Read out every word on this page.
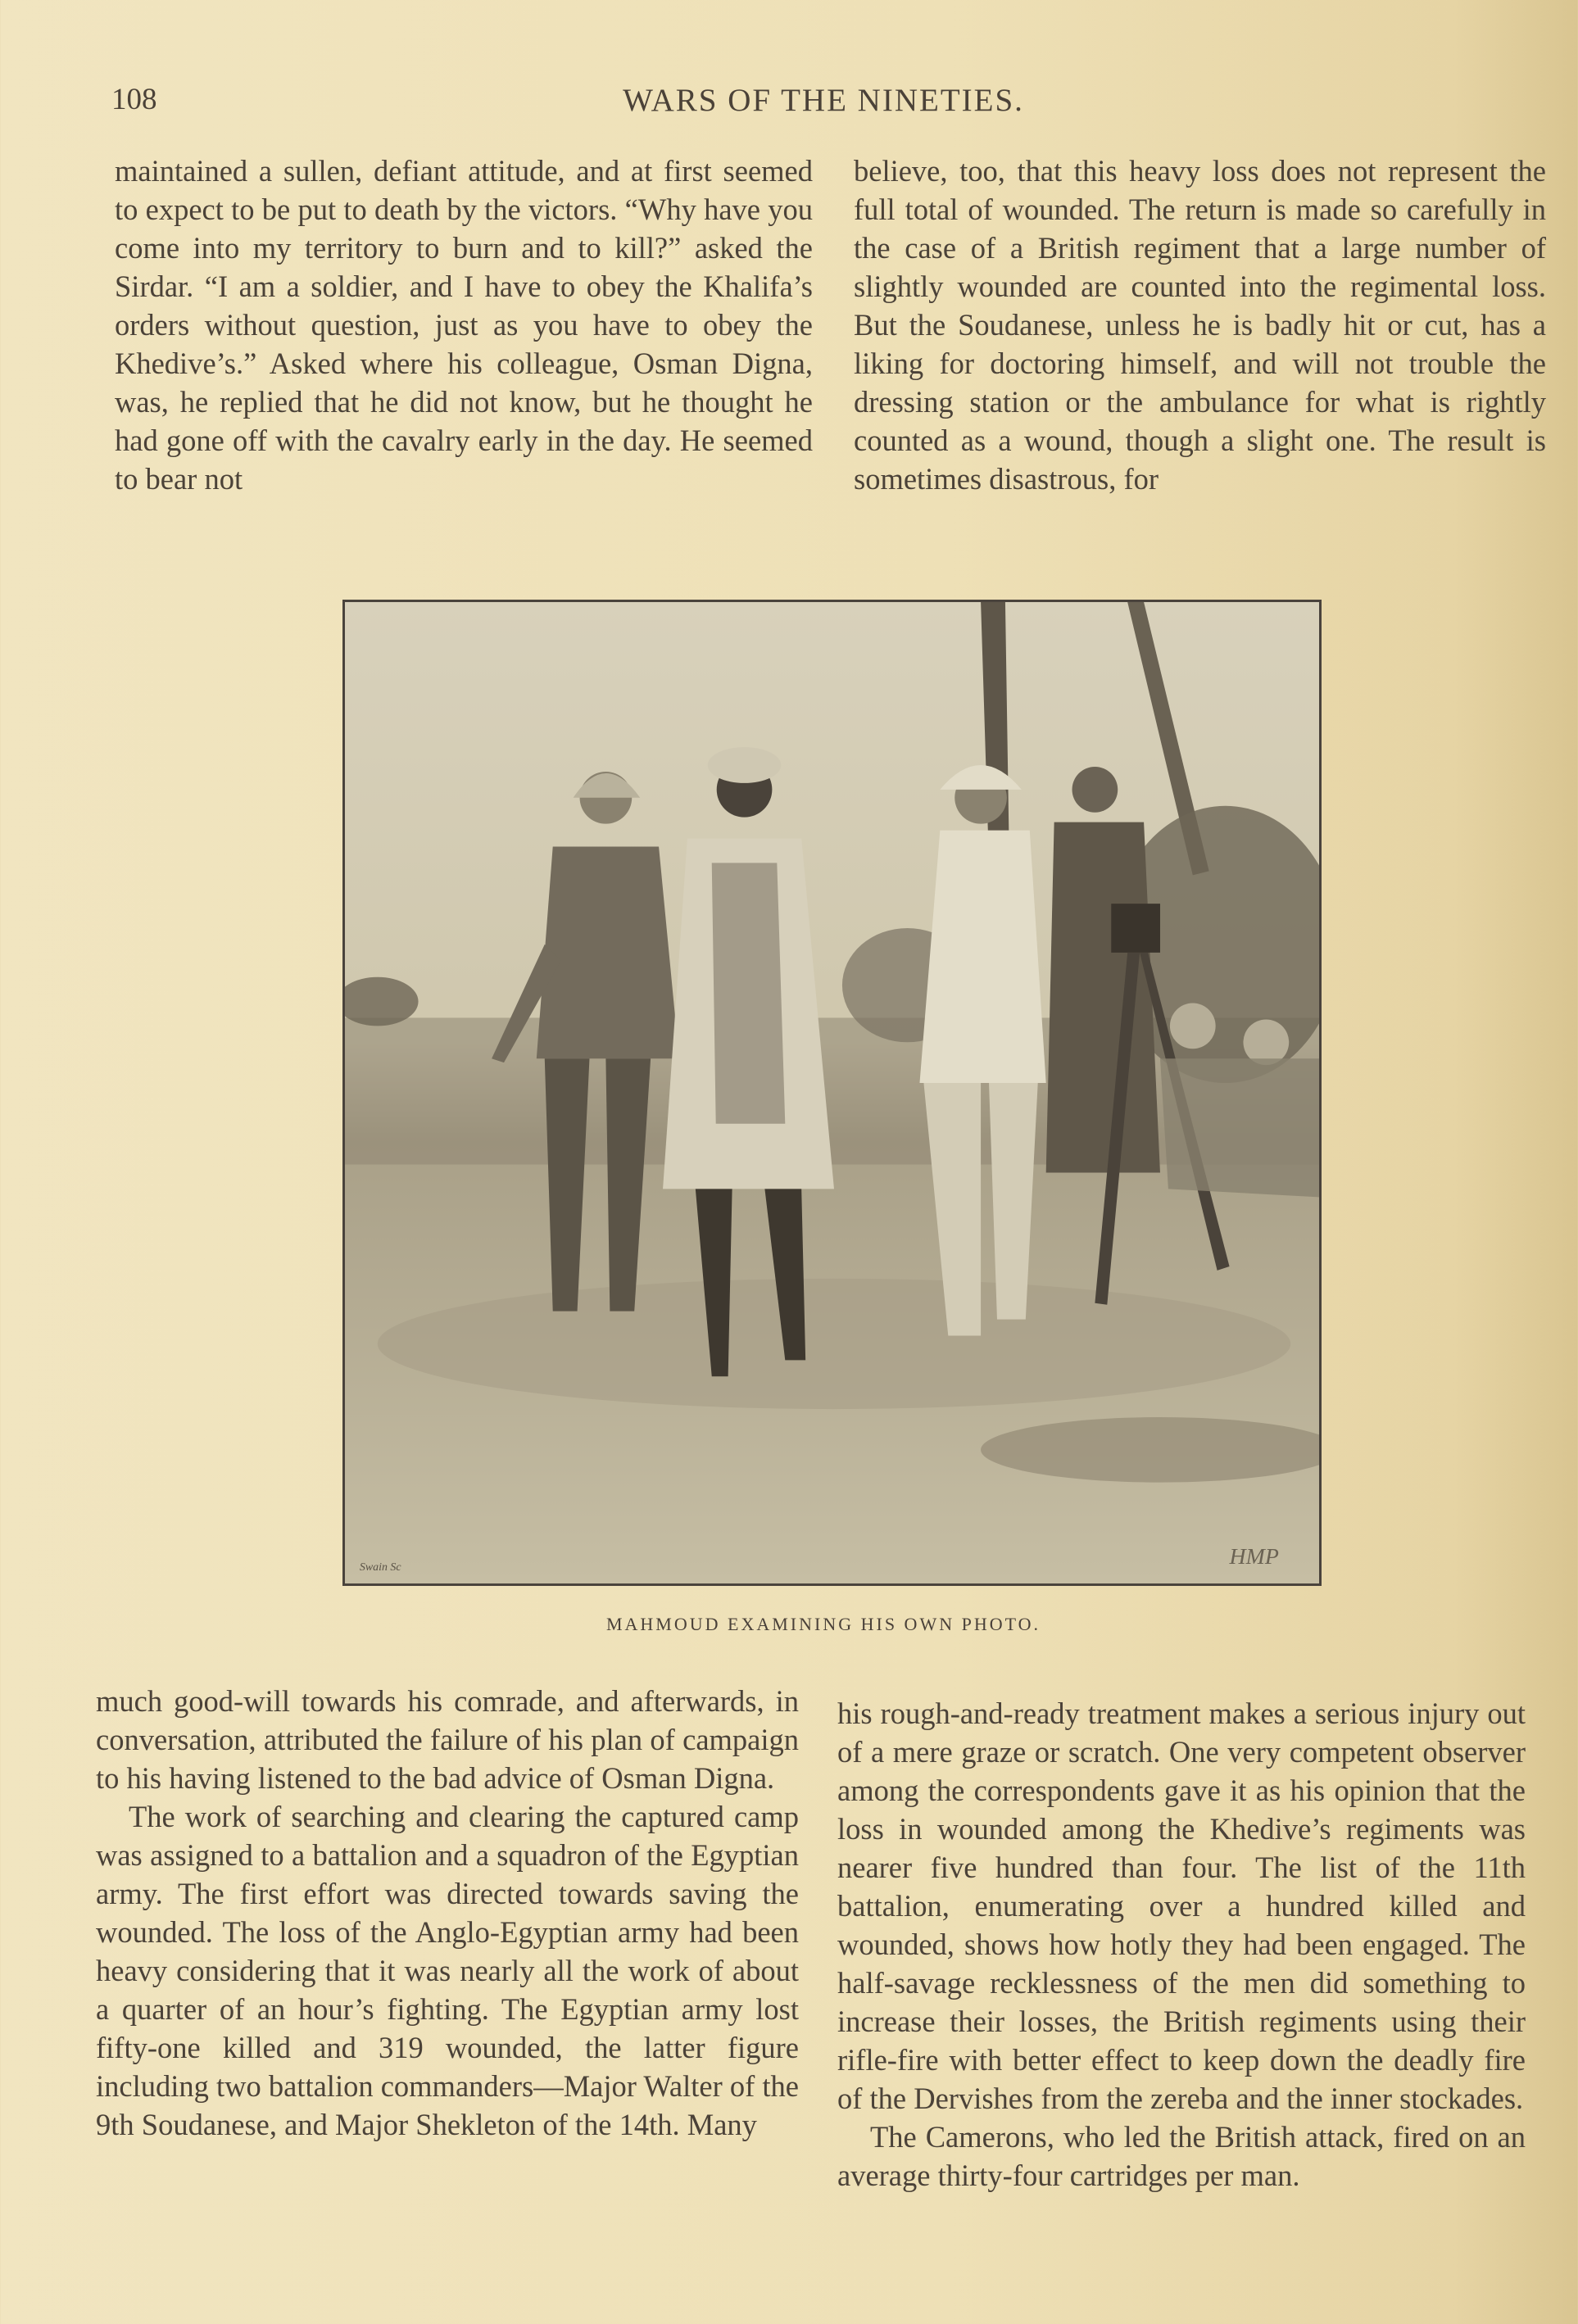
108	WARS OF THE NINETIES.

maintained a sullen, defiant attitude, and at first seemed to expect to be put to death by the victors. “Why have you come into my territory to burn and to kill?” asked the Sirdar. “I am a soldier, and I have to obey the Khalifa’s orders without question, just as you have to obey the Khedive’s.” Asked where his colleague, Osman Digna, was, he replied that he did not know, but he thought he had gone off with the cavalry early in the day. He seemed to bear not

believe, too, that this heavy loss does not represent the full total of wounded. The return is made so carefully in the case of a British regiment that a large number of slightly wounded are counted into the regimental loss. But the Soudanese, unless he is badly hit or cut, has a liking for doctoring himself, and will not trouble the dressing station or the ambulance for what is rightly counted as a wound, though a slight one. The result is sometimes disastrous, for

Swain Sc	HMP
MAHMOUD EXAMINING HIS OWN PHOTO.

much good-will towards his comrade, and afterwards, in conversation, attributed the failure of his plan of campaign to his having listened to the bad advice of Osman Digna.

The work of searching and clearing the captured camp was assigned to a battalion and a squadron of the Egyptian army. The first effort was directed towards saving the wounded. The loss of the Anglo-Egyptian army had been heavy considering that it was nearly all the work of about a quarter of an hour’s fighting. The Egyptian army lost fifty-one killed and 319 wounded, the latter figure including two battalion commanders—Major Walter of the 9th Soudanese, and Major Shekleton of the 14th. Many

his rough-and-ready treatment makes a serious injury out of a mere graze or scratch. One very competent observer among the correspondents gave it as his opinion that the loss in wounded among the Khedive’s regiments was nearer five hundred than four. The list of the 11th battalion, enumerating over a hundred killed and wounded, shows how hotly they had been engaged. The half-savage recklessness of the men did something to increase their losses, the British regiments using their rifle-fire with better effect to keep down the deadly fire of the Dervishes from the zereba and the inner stockades.

The Camerons, who led the British attack, fired on an average thirty-four cartridges per man.
